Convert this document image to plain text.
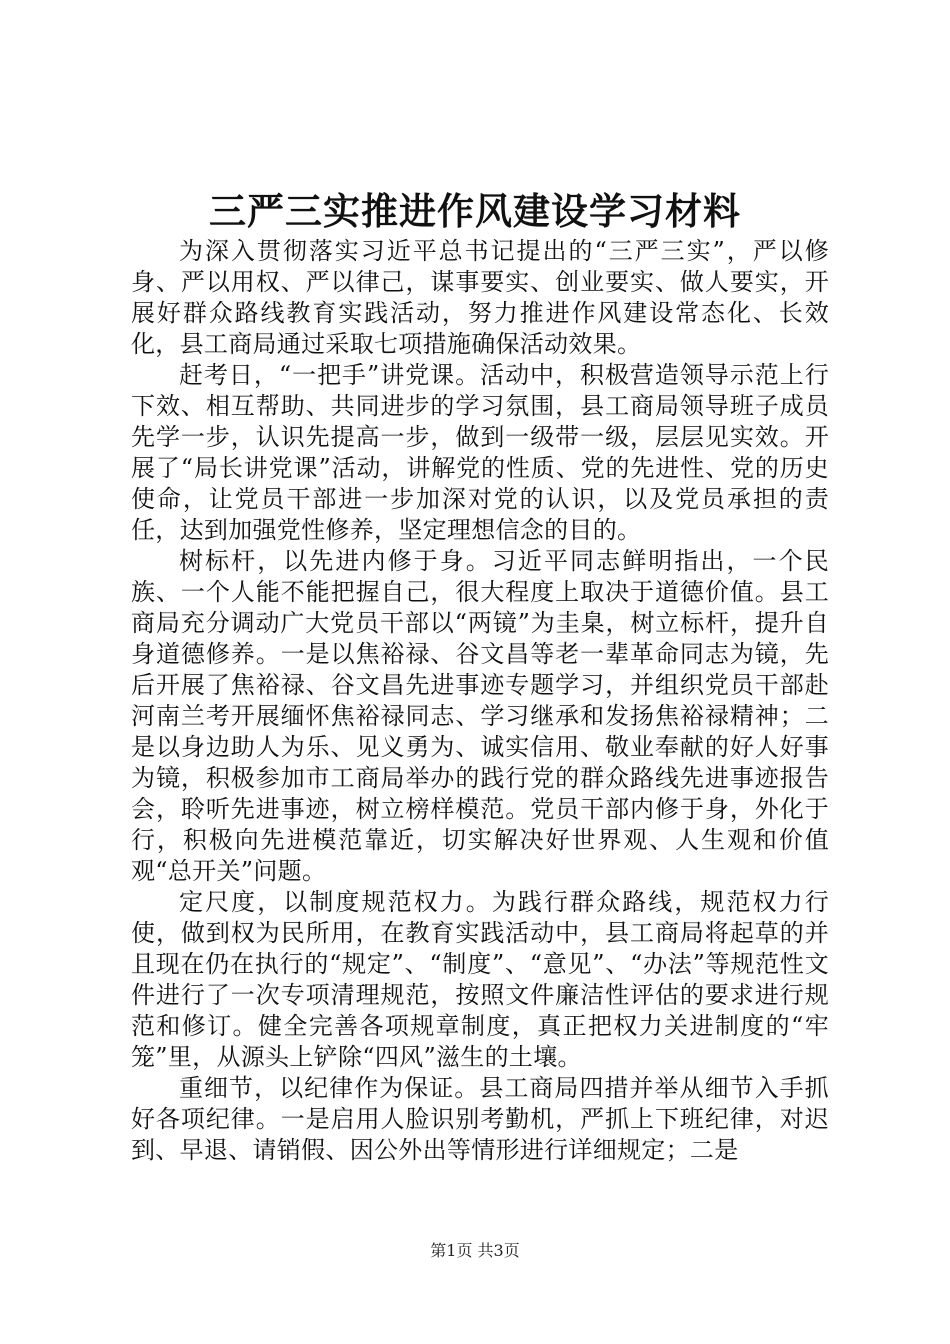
三严三实推进作风建设学习材料

为深入贯彻落实习近平总书记提出的“三严三实”，严以修身、严以用权、严以律己，谋事要实、创业要实、做人要实，开展好群众路线教育实践活动，努力推进作风建设常态化、长效化，县工商局通过采取七项措施确保活动效果。

赶考日，“一把手”讲党课。活动中，积极营造领导示范上行下效、相互帮助、共同进步的学习氛围，县工商局领导班子成员先学一步，认识先提高一步，做到一级带一级，层层见实效。开展了“局长讲党课”活动，讲解党的性质、党的先进性、党的历史使命，让党员干部进一步加深对党的认识，以及党员承担的责任，达到加强党性修养，坚定理想信念的目的。

树标杆，以先进内修于身。习近平同志鲜明指出，一个民族、一个人能不能把握自己，很大程度上取决于道德价值。县工商局充分调动广大党员干部以“两镜”为圭臬，树立标杆，提升自身道德修养。一是以焦裕禄、谷文昌等老一辈革命同志为镜，先后开展了焦裕禄、谷文昌先进事迹专题学习，并组织党员干部赴河南兰考开展缅怀焦裕禄同志、学习继承和发扬焦裕禄精神；二是以身边助人为乐、见义勇为、诚实信用、敬业奉献的好人好事为镜，积极参加市工商局举办的践行党的群众路线先进事迹报告会，聆听先进事迹，树立榜样模范。党员干部内修于身，外化于行，积极向先进模范靠近，切实解决好世界观、人生观和价值观“总开关”问题。

定尺度，以制度规范权力。为践行群众路线，规范权力行使，做到权为民所用，在教育实践活动中，县工商局将起草的并且现在仍在执行的“规定”、“制度”、“意见”、“办法”等规范性文件进行了一次专项清理规范，按照文件廉洁性评估的要求进行规范和修订。健全完善各项规章制度，真正把权力关进制度的“牢笼”里，从源头上铲除“四风”滋生的土壤。

重细节，以纪律作为保证。县工商局四措并举从细节入手抓好各项纪律。一是启用人脸识别考勤机，严抓上下班纪律，对迟到、早退、请销假、因公外出等情形进行详细规定；二是

第1页 共3页
